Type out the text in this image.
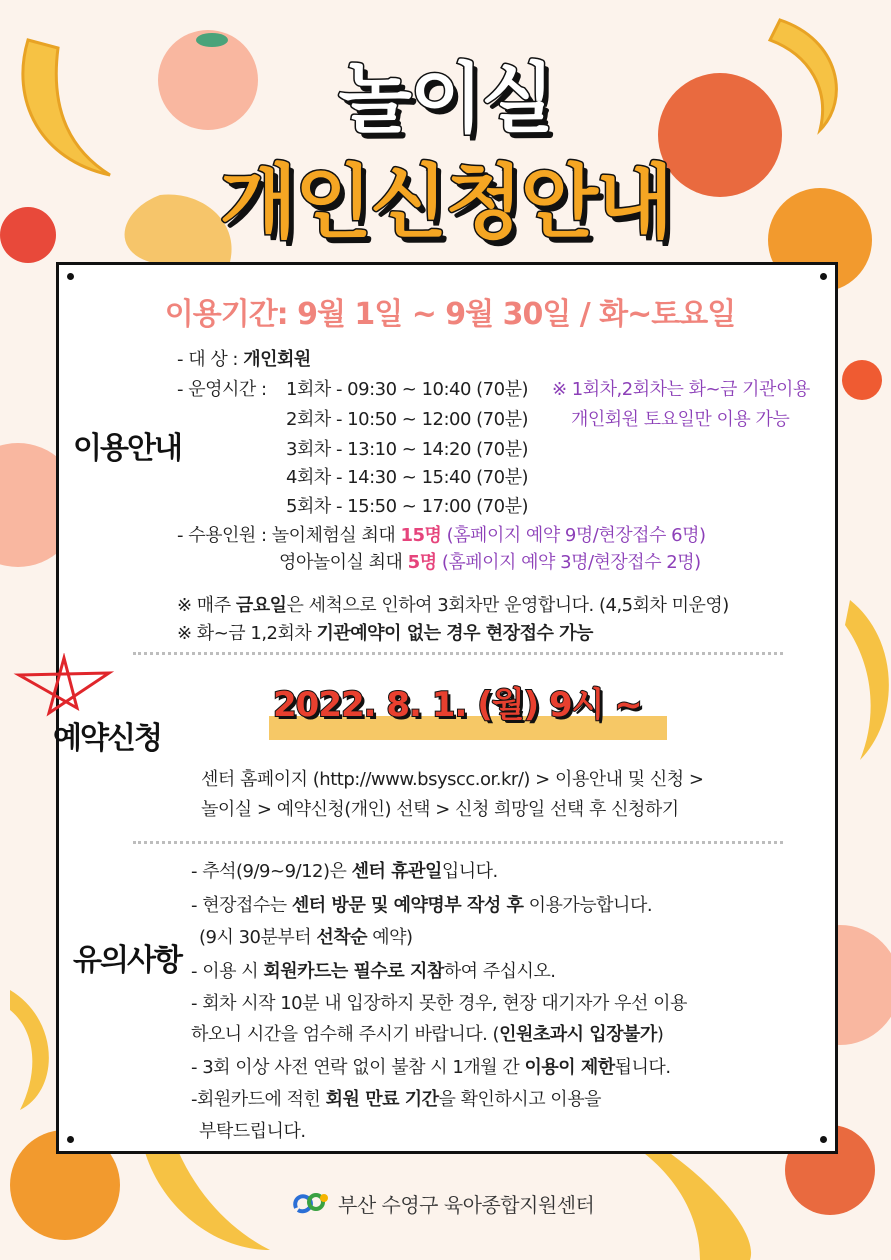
놀이실
개인신청안내
이용기간: 9월 1일 ~ 9월 30일 / 화~토요일
이용안내
- 대 상 : 개인회원
- 운영시간 : 1회차 - 09:30 ~ 10:40 (70분)
2회차 - 10:50 ~ 12:00 (70분)
3회차 - 13:10 ~ 14:20 (70분)
4회차 - 14:30 ~ 15:40 (70분)
5회차 - 15:50 ~ 17:00 (70분)
※ 1회차,2회차는 화~금 기관이용
개인회원 토요일만 이용 가능
- 수용인원 : 놀이체험실 최대 15명 (홈페이지 예약 9명/현장접수 6명)
영아놀이실 최대 5명 (홈페이지 예약 3명/현장접수 2명)
※ 매주 금요일은 세척으로 인하여 3회차만 운영합니다. (4,5회차 미운영)
※ 화~금 1,2회차 기관예약이 없는 경우 현장접수 가능
예약신청
2022. 8. 1. (월) 9시 ~
센터 홈페이지 (http://www.bsyscc.or.kr/) > 이용안내 및 신청 >
놀이실 > 예약신청(개인) 선택 > 신청 희망일 선택 후 신청하기
유의사항
- 추석(9/9~9/12)은 센터 휴관일입니다.
- 현장접수는 센터 방문 및 예약명부 작성 후 이용가능합니다.
(9시 30분부터 선착순 예약)
- 이용 시 회원카드는 필수로 지참하여 주십시오.
- 회차 시작 10분 내 입장하지 못한 경우, 현장 대기자가 우선 이용
하오니 시간을 엄수해 주시기 바랍니다. (인원초과시 입장불가)
- 3회 이상 사전 연락 없이 불참 시 1개월 간 이용이 제한됩니다.
-회원카드에 적힌 회원 만료 기간을 확인하시고 이용을
부탁드립니다.
부산 수영구 육아종합지원센터
